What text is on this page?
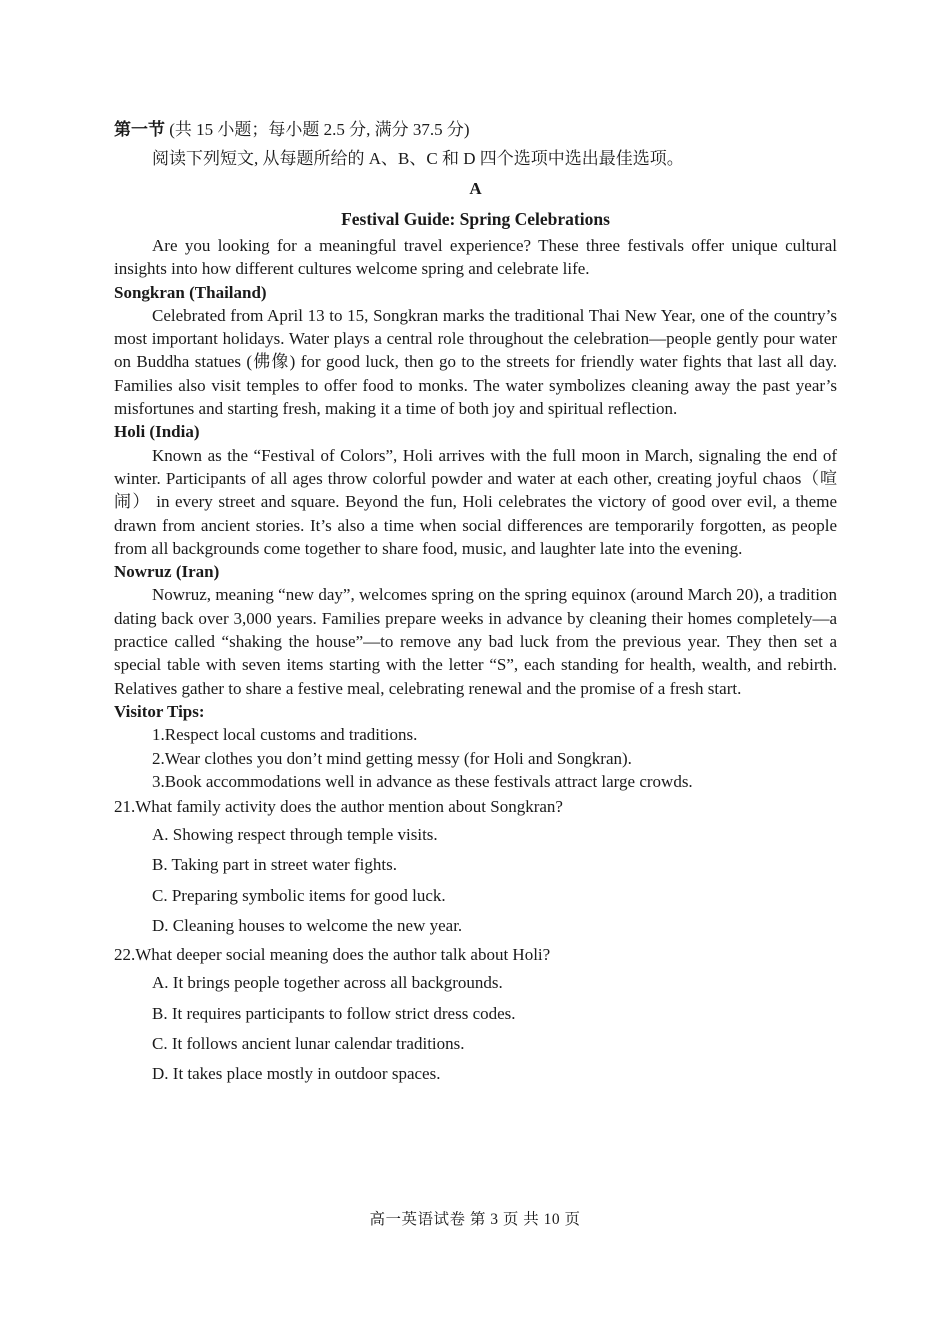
第一节 (共 15 小题；每小题 2.5 分, 满分 37.5 分)

阅读下列短文, 从每题所给的 A、B、C 和 D 四个选项中选出最佳选项。

A

Festival Guide: Spring Celebrations

Are you looking for a meaningful travel experience? These three festivals offer unique cultural insights into how different cultures welcome spring and celebrate life.

Songkran (Thailand)

Celebrated from April 13 to 15, Songkran marks the traditional Thai New Year, one of the country’s most important holidays. Water plays a central role throughout the celebration—people gently pour water on Buddha statues (佛像) for good luck, then go to the streets for friendly water fights that last all day. Families also visit temples to offer food to monks. The water symbolizes cleaning away the past year’s misfortunes and starting fresh, making it a time of both joy and spiritual reflection.

Holi (India)

Known as the “Festival of Colors”, Holi arrives with the full moon in March, signaling the end of winter. Participants of all ages throw colorful powder and water at each other, creating joyful chaos（喧闹） in every street and square. Beyond the fun, Holi celebrates the victory of good over evil, a theme drawn from ancient stories. It’s also a time when social differences are temporarily forgotten, as people from all backgrounds come together to share food, music, and laughter late into the evening.

Nowruz (Iran)

Nowruz, meaning “new day”, welcomes spring on the spring equinox (around March 20), a tradition dating back over 3,000 years. Families prepare weeks in advance by cleaning their homes completely—a practice called “shaking the house”—to remove any bad luck from the previous year. They then set a special table with seven items starting with the letter “S”, each standing for health, wealth, and rebirth. Relatives gather to share a festive meal, celebrating renewal and the promise of a fresh start.

Visitor Tips:

1.Respect local customs and traditions.

2.Wear clothes you don’t mind getting messy (for Holi and Songkran).

3.Book accommodations well in advance as these festivals attract large crowds.

21.What family activity does the author mention about Songkran?

A. Showing respect through temple visits.

B. Taking part in street water fights.

C. Preparing symbolic items for good luck.

D. Cleaning houses to welcome the new year.

22.What deeper social meaning does the author talk about Holi?

A. It brings people together across all backgrounds.

B. It requires participants to follow strict dress codes.

C. It follows ancient lunar calendar traditions.

D. It takes place mostly in outdoor spaces.

高一英语试卷 第 3 页 共 10 页
